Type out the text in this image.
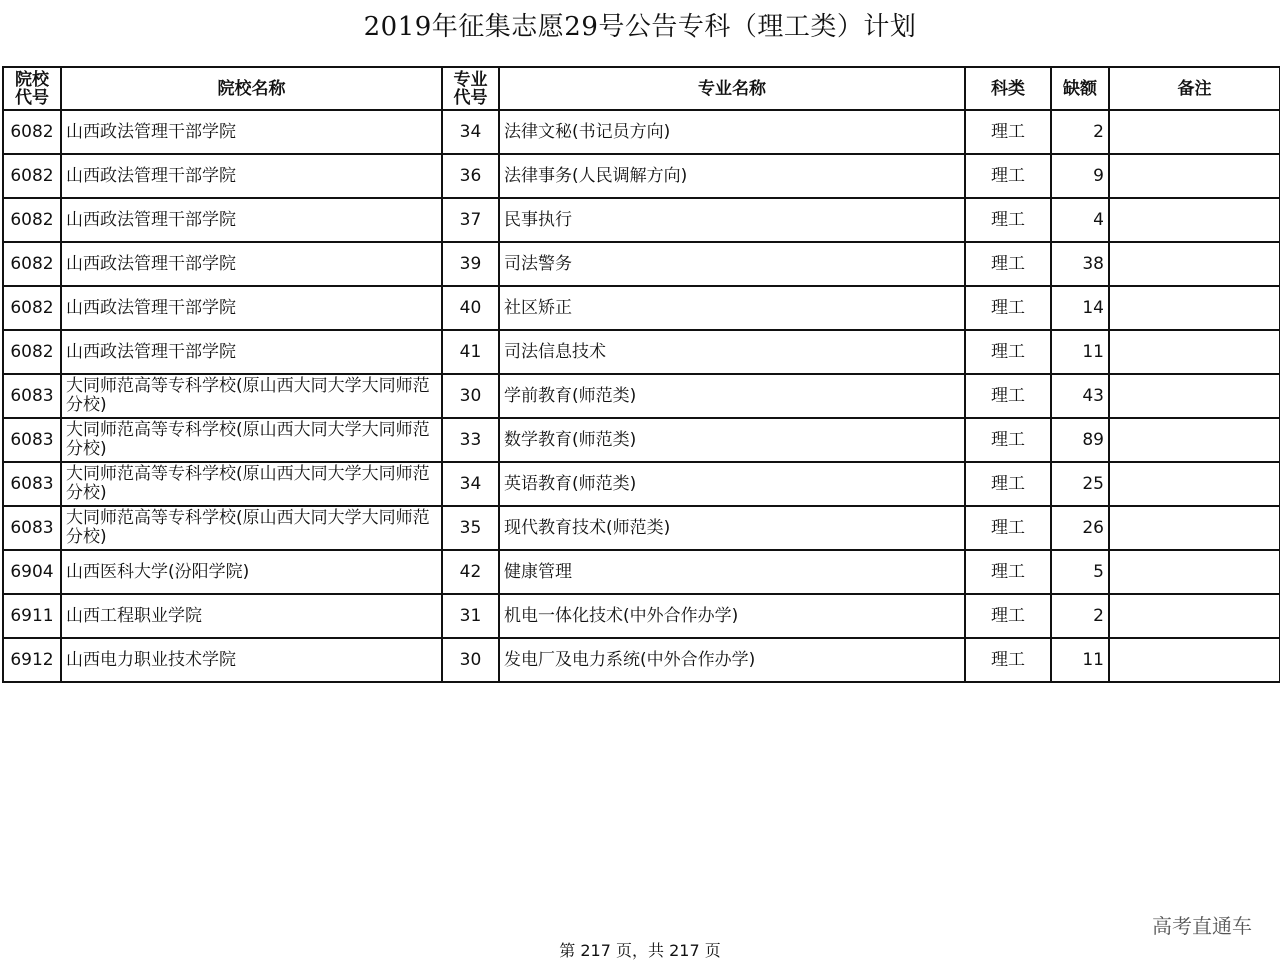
2019年征集志愿29号公告专科（理工类）计划
院校代号	院校名称	专业代号	专业名称	科类	缺额	备注
6082	山西政法管理干部学院	34	法律文秘(书记员方向)	理工	2	
6082	山西政法管理干部学院	36	法律事务(人民调解方向)	理工	9	
6082	山西政法管理干部学院	37	民事执行	理工	4	
6082	山西政法管理干部学院	39	司法警务	理工	38	
6082	山西政法管理干部学院	40	社区矫正	理工	14	
6082	山西政法管理干部学院	41	司法信息技术	理工	11	
6083	大同师范高等专科学校(原山西大同大学大同师范分校)	30	学前教育(师范类)	理工	43	
6083	大同师范高等专科学校(原山西大同大学大同师范分校)	33	数学教育(师范类)	理工	89	
6083	大同师范高等专科学校(原山西大同大学大同师范分校)	34	英语教育(师范类)	理工	25	
6083	大同师范高等专科学校(原山西大同大学大同师范分校)	35	现代教育技术(师范类)	理工	26	
6904	山西医科大学(汾阳学院)	42	健康管理	理工	5	
6911	山西工程职业学院	31	机电一体化技术(中外合作办学)	理工	2	
6912	山西电力职业技术学院	30	发电厂及电力系统(中外合作办学)	理工	11	
高考直通车
第 217 页，共 217 页
